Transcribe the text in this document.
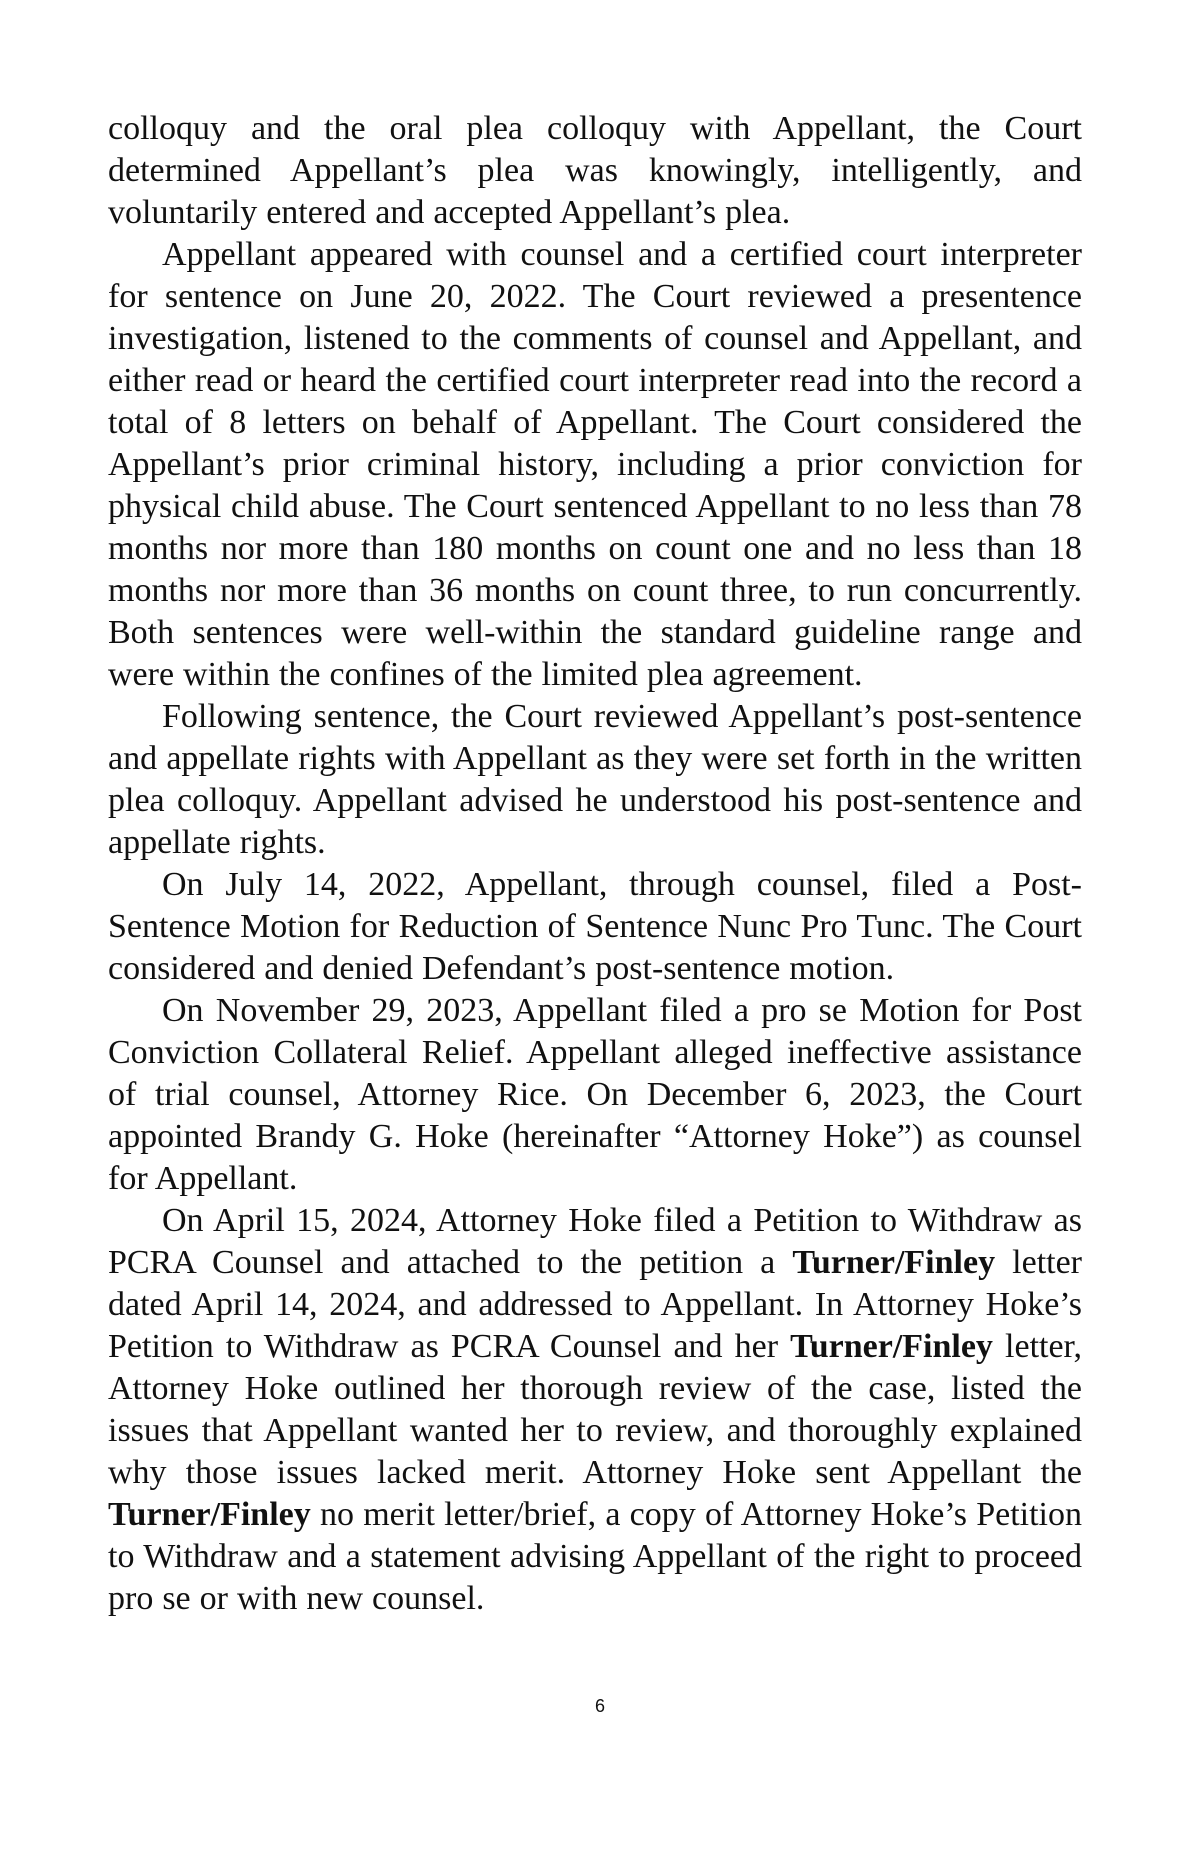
colloquy and the oral plea colloquy with Appellant, the Court determined Appellant’s plea was knowingly, intelligently, and voluntarily entered and accepted Appellant’s plea.

Appellant appeared with counsel and a certified court interpreter for sentence on June 20, 2022. The Court reviewed a presentence investigation, listened to the comments of counsel and Appellant, and either read or heard the certified court interpreter read into the record a total of 8 letters on behalf of Appellant. The Court considered the Appellant’s prior criminal history, including a prior conviction for physical child abuse. The Court sentenced Appellant to no less than 78 months nor more than 180 months on count one and no less than 18 months nor more than 36 months on count three, to run concurrently. Both sentences were well-within the standard guideline range and were within the confines of the limited plea agreement.

Following sentence, the Court reviewed Appellant’s post-sentence and appellate rights with Appellant as they were set forth in the written plea colloquy. Appellant advised he understood his post-sentence and appellate rights.

On July 14, 2022, Appellant, through counsel, filed a Post-Sentence Motion for Reduction of Sentence Nunc Pro Tunc. The Court considered and denied Defendant’s post-sentence motion.

On November 29, 2023, Appellant filed a pro se Motion for Post Conviction Collateral Relief. Appellant alleged ineffective assistance of trial counsel, Attorney Rice. On December 6, 2023, the Court appointed Brandy G. Hoke (hereinafter “Attorney Hoke”) as counsel for Appellant.

On April 15, 2024, Attorney Hoke filed a Petition to Withdraw as PCRA Counsel and attached to the petition a Turner/Finley letter dated April 14, 2024, and addressed to Appellant. In Attorney Hoke’s Petition to Withdraw as PCRA Counsel and her Turner/Finley letter, Attorney Hoke outlined her thorough review of the case, listed the issues that Appellant wanted her to review, and thoroughly explained why those issues lacked merit. Attorney Hoke sent Appellant the Turner/Finley no merit letter/brief, a copy of Attorney Hoke’s Petition to Withdraw and a statement advising Appellant of the right to proceed pro se or with new counsel.

6
